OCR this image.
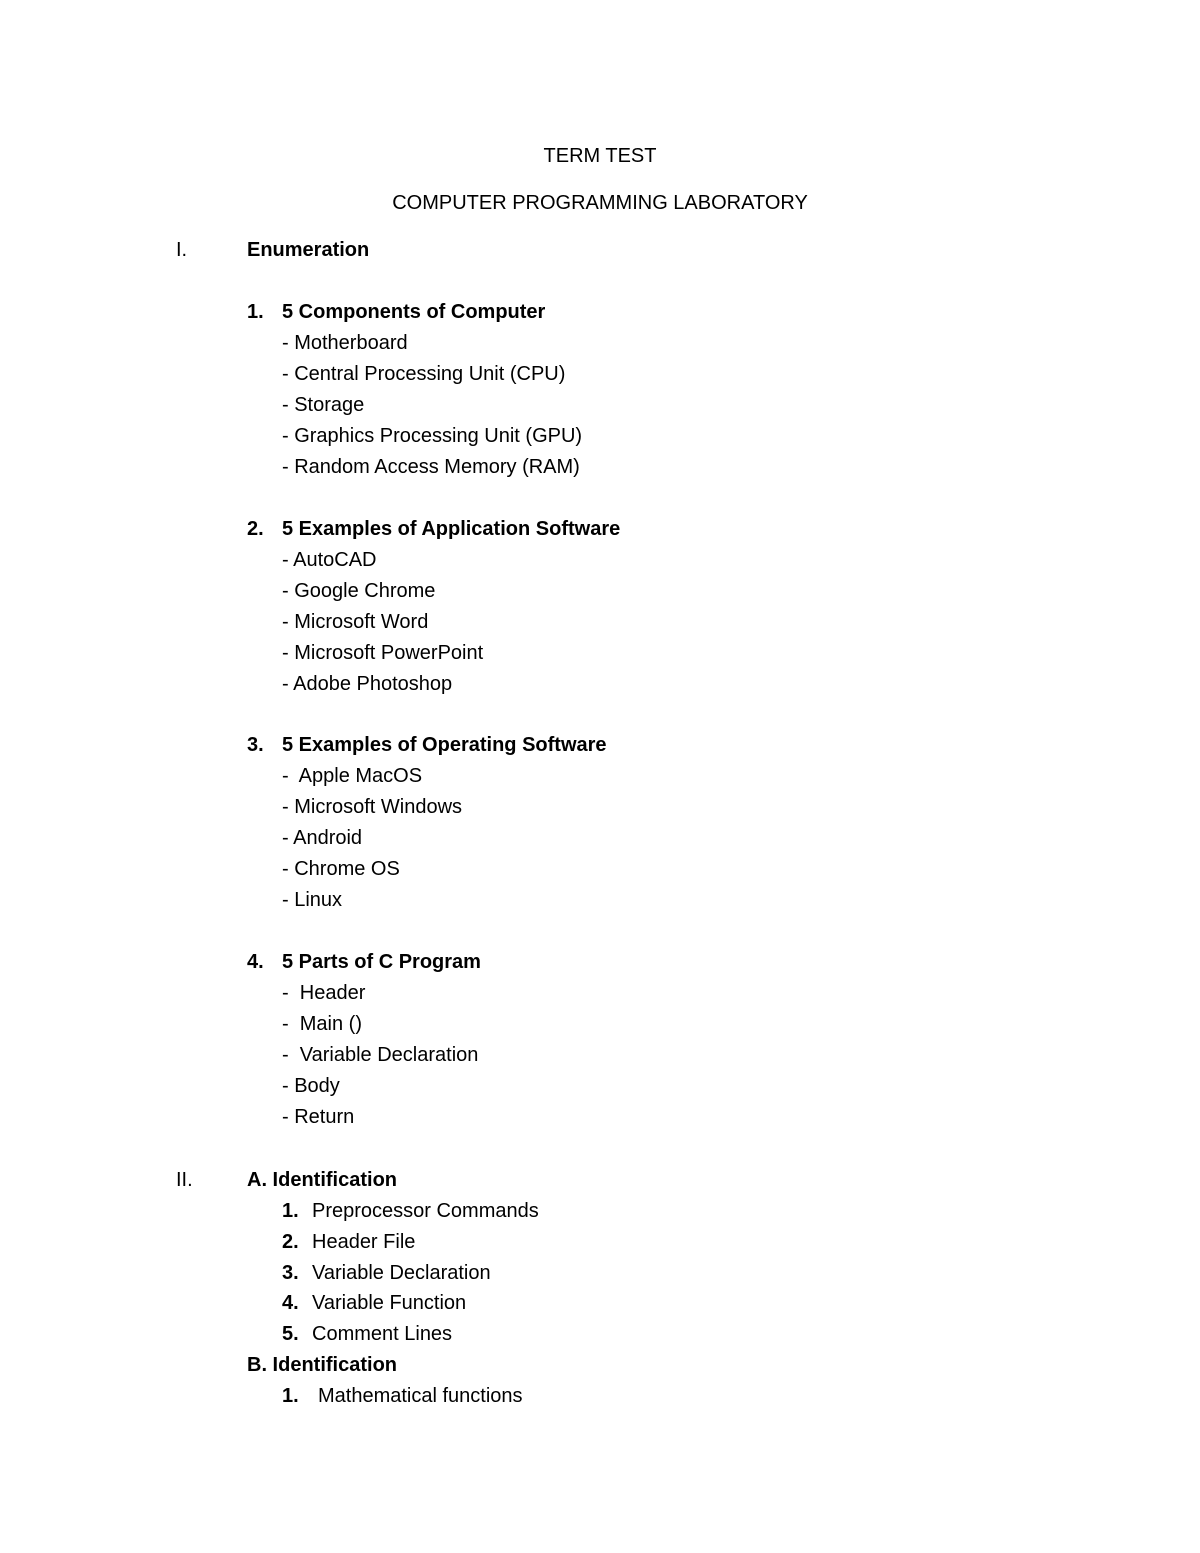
TERM TEST
COMPUTER PROGRAMMING LABORATORY
I.	Enumeration
1. 5 Components of Computer
- Motherboard
- Central Processing Unit (CPU)
- Storage
- Graphics Processing Unit (GPU)
- Random Access Memory (RAM)
2. 5 Examples of Application Software
- AutoCAD
- Google Chrome
- Microsoft Word
- Microsoft PowerPoint
- Adobe Photoshop
3. 5 Examples of Operating Software
-  Apple MacOS
- Microsoft Windows
- Android
- Chrome OS
- Linux
4. 5 Parts of C Program
-  Header
-  Main ()
-  Variable Declaration
- Body
- Return
II.	A. Identification
1. Preprocessor Commands
2. Header File
3. Variable Declaration
4. Variable Function
5. Comment Lines
B. Identification
1. Mathematical functions
